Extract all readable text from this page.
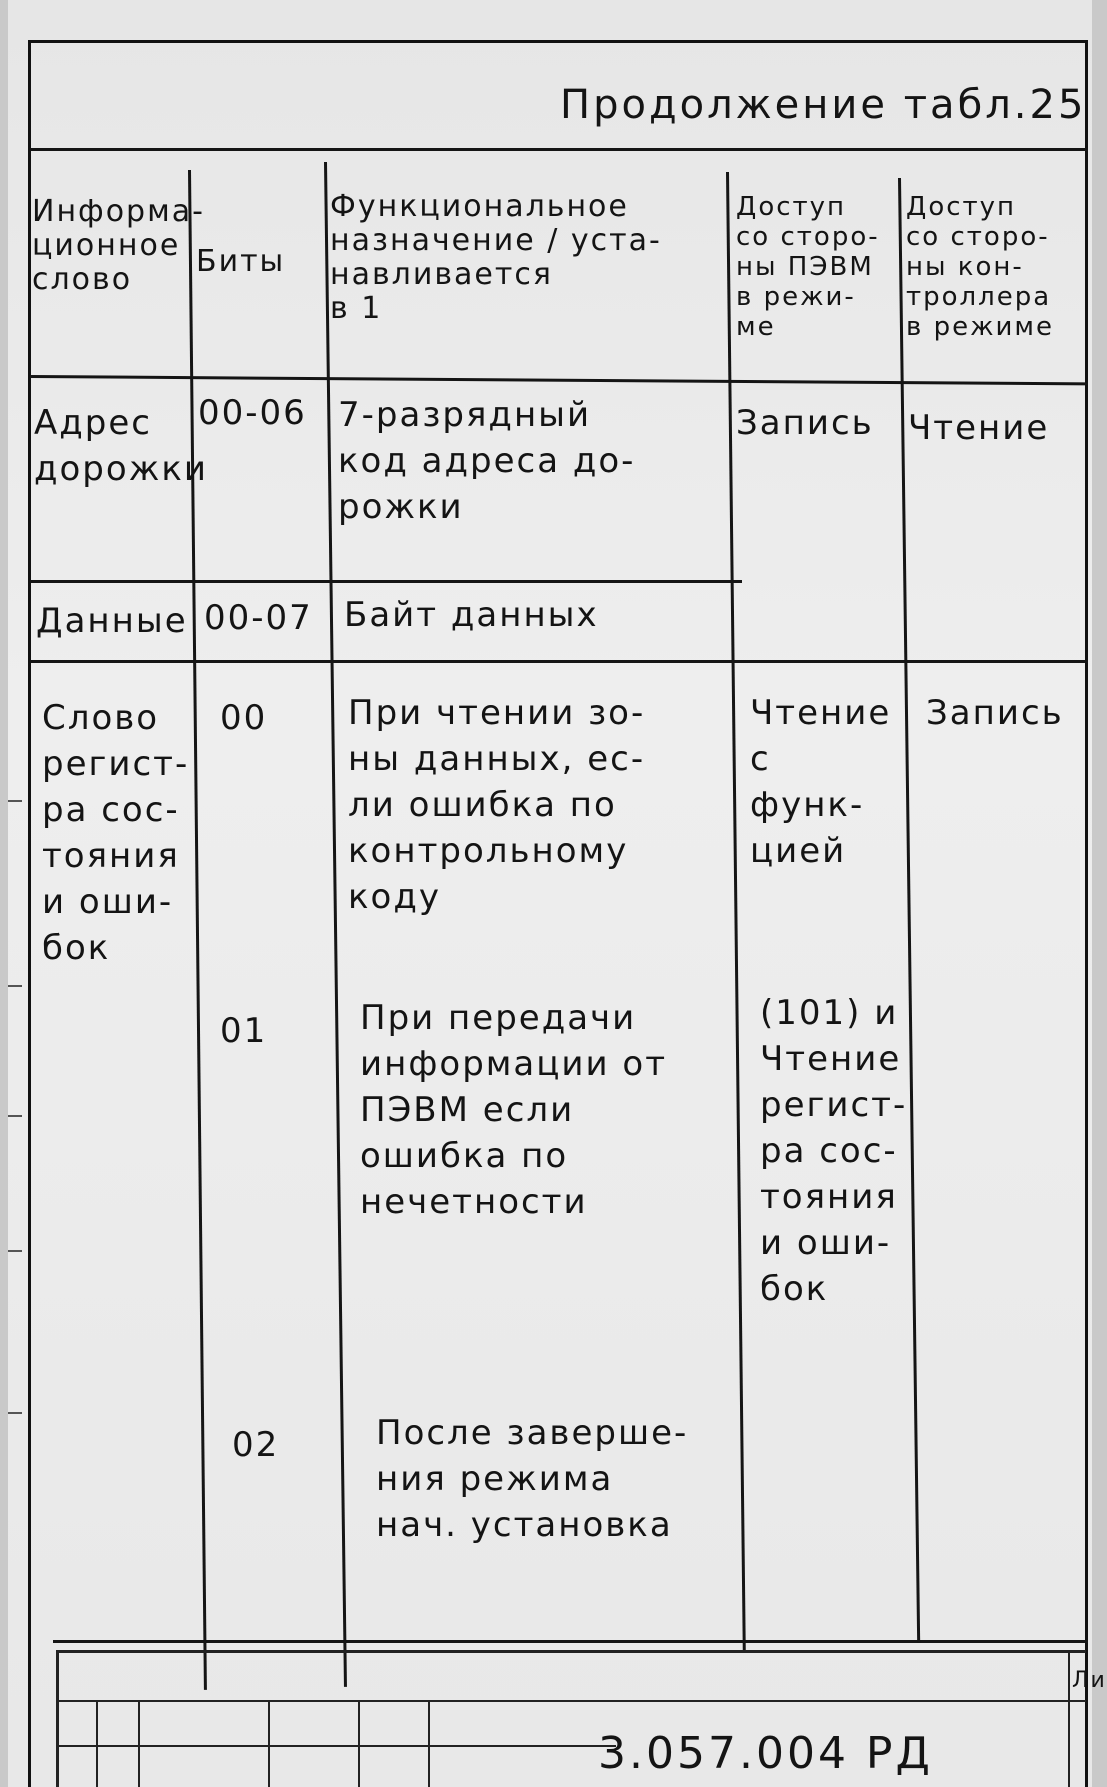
Продолжение табл.25
Информа-
ционное
слово
Биты
Функциональное
назначение / уста-
навливается
в 1
Доступ
со сторо-
ны ПЭВМ
в режи-
ме
Доступ
со сторо-
ны кон-
троллера
в режиме
Адрес
дорожки
00-06 7-разрядный
код адреса до-
рожки
Запись Чтение
Данные 00-07 Байт данных
Слово
регист-
ра сос-
тояния
и оши-
бок
00 При чтении зо-
ны данных, ес-
ли ошибка по
контрольному
коду
01	При передачи
информации от
ПЭВМ если
ошибка по
нечетности
02	После заверше-
ния режима
нач. установка
Чтение
с
функ-
цией
(101) и
Чтение
регист-
ра сос-
тояния
и оши-
бок
Запись
3.057.004 РД
Ли
